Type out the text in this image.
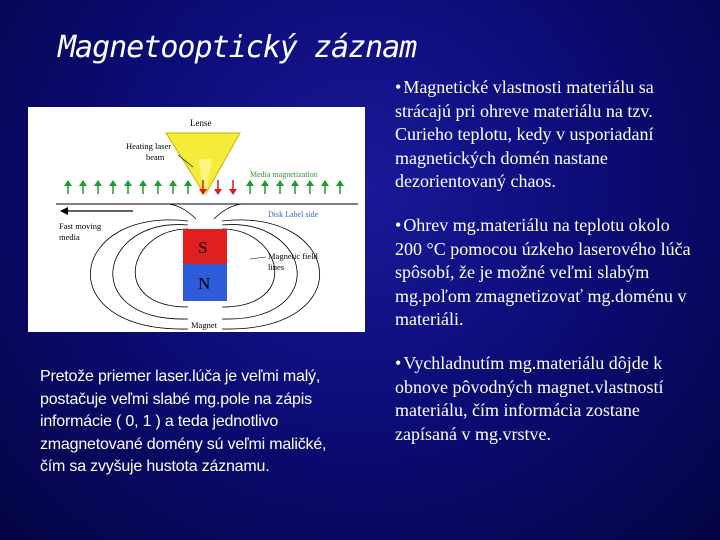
Magnetooptický záznam
Lense
Heating laser
beam
Media magnetization
Disk Label side
Fast moving
media
S
N
Magnetic field
lines
Magnet
Pretože priemer laser.lúča je veľmi malý, postačuje veľmi slabé mg.pole na zápis informácie ( 0, 1 ) a teda jednotlivo zmagnetované domény sú veľmi maličké, čím sa zvyšuje hustota záznamu.
• Magnetické vlastnosti materiálu sa strácajú pri ohreve materiálu na tzv. Curieho teplotu, kedy v usporiadaní magnetických domén nastane dezorientovaný chaos.
• Ohrev mg.materiálu na teplotu okolo 200 °C pomocou úzkeho laserového lúča spôsobí, že je možné veľmi slabým mg.poľom zmagnetizovať mg.doménu v materiáli.
• Vychladnutím mg.materiálu dôjde k obnove pôvodných magnet.vlastností materiálu, čím informácia zostane zapísaná v mg.vrstve.
